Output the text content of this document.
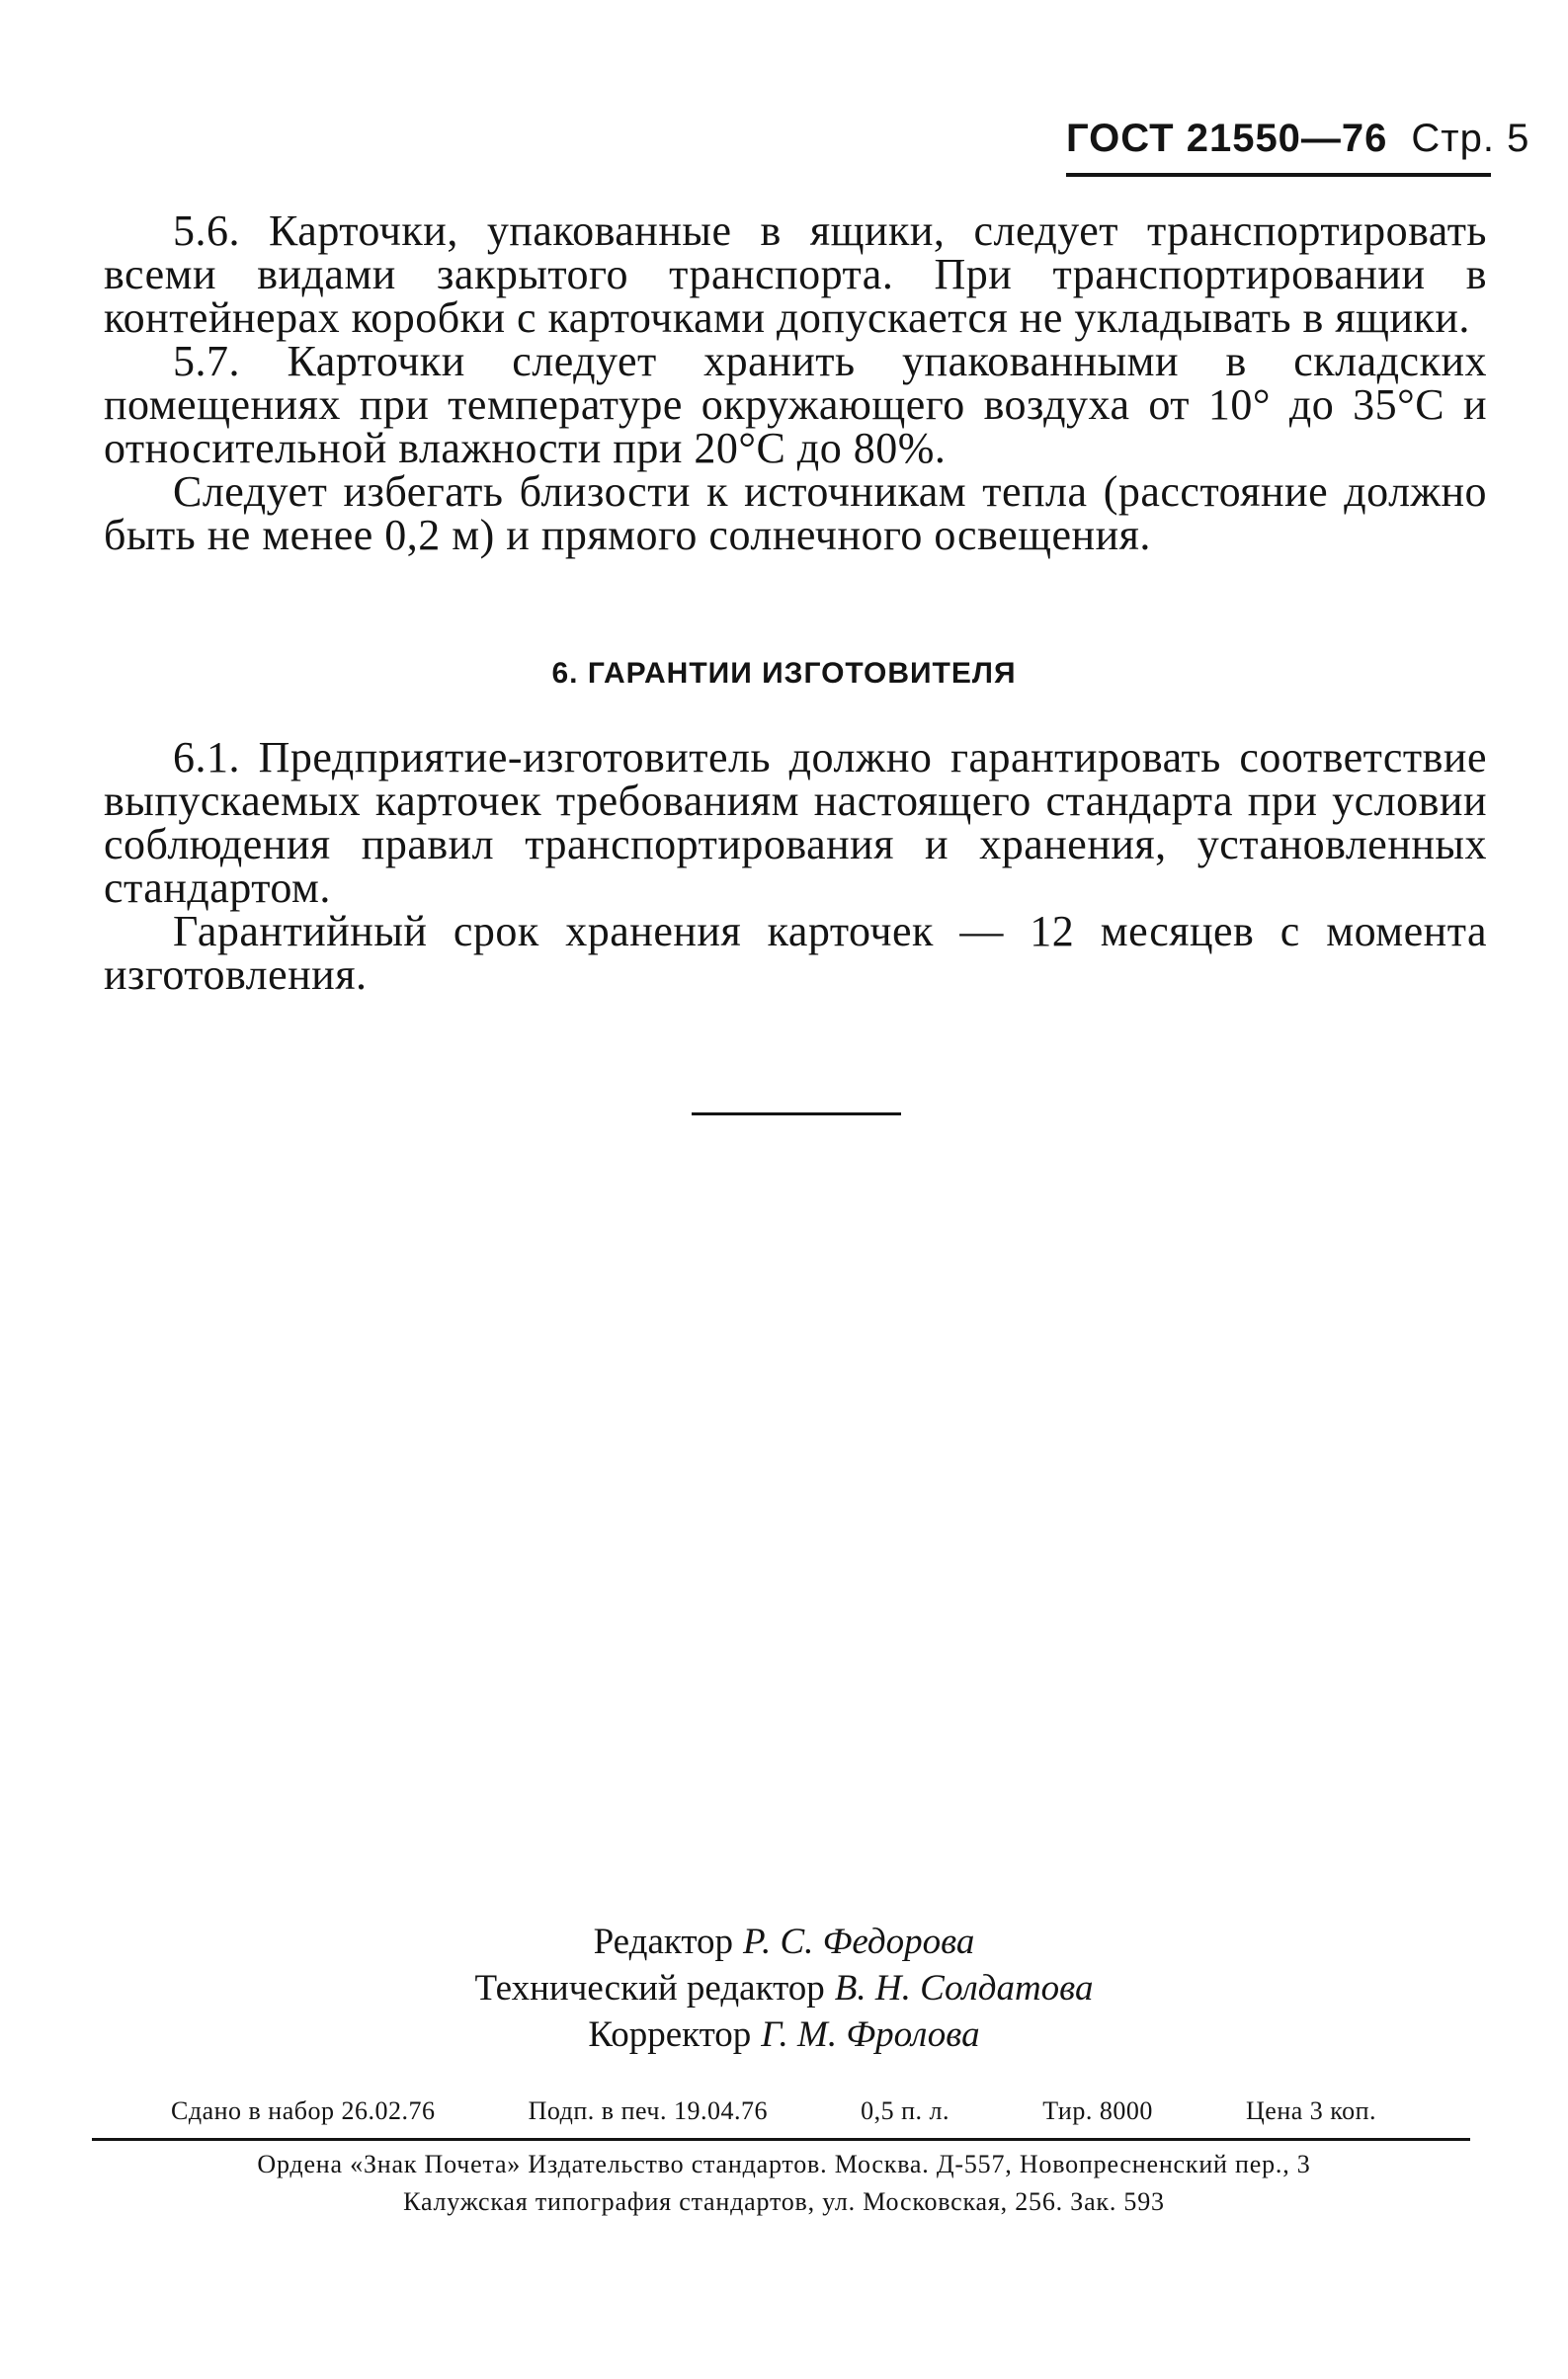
ГОСТ 21550—76 Стр. 5

5.6. Карточки, упакованные в ящики, следует транспортировать всеми видами закрытого транспорта. При транспортировании в контейнерах коробки с карточками допускается не укладывать в ящики.

5.7. Карточки следует хранить упакованными в складских помещениях при температуре окружающего воздуха от 10° до 35°С и относительной влажности при 20°С до 80%.

Следует избегать близости к источникам тепла (расстояние должно быть не менее 0,2 м) и прямого солнечного освещения.

6. ГАРАНТИИ ИЗГОТОВИТЕЛЯ

6.1. Предприятие-изготовитель должно гарантировать соответствие выпускаемых карточек требованиям настоящего стандарта при условии соблюдения правил транспортирования и хранения, установленных стандартом.

Гарантийный срок хранения карточек — 12 месяцев с момента изготовления.

Редактор Р. С. Федорова
Технический редактор В. Н. Солдатова
Корректор Г. М. Фролова
Сдано в набор 26.02.76	Подп. в печ. 19.04.76	0,5 п. л.	Тир. 8000	Цена 3 коп.
Ордена «Знак Почета» Издательство стандартов. Москва. Д-557, Новопресненский пер., 3
Калужская типография стандартов, ул. Московская, 256. Зак. 593
